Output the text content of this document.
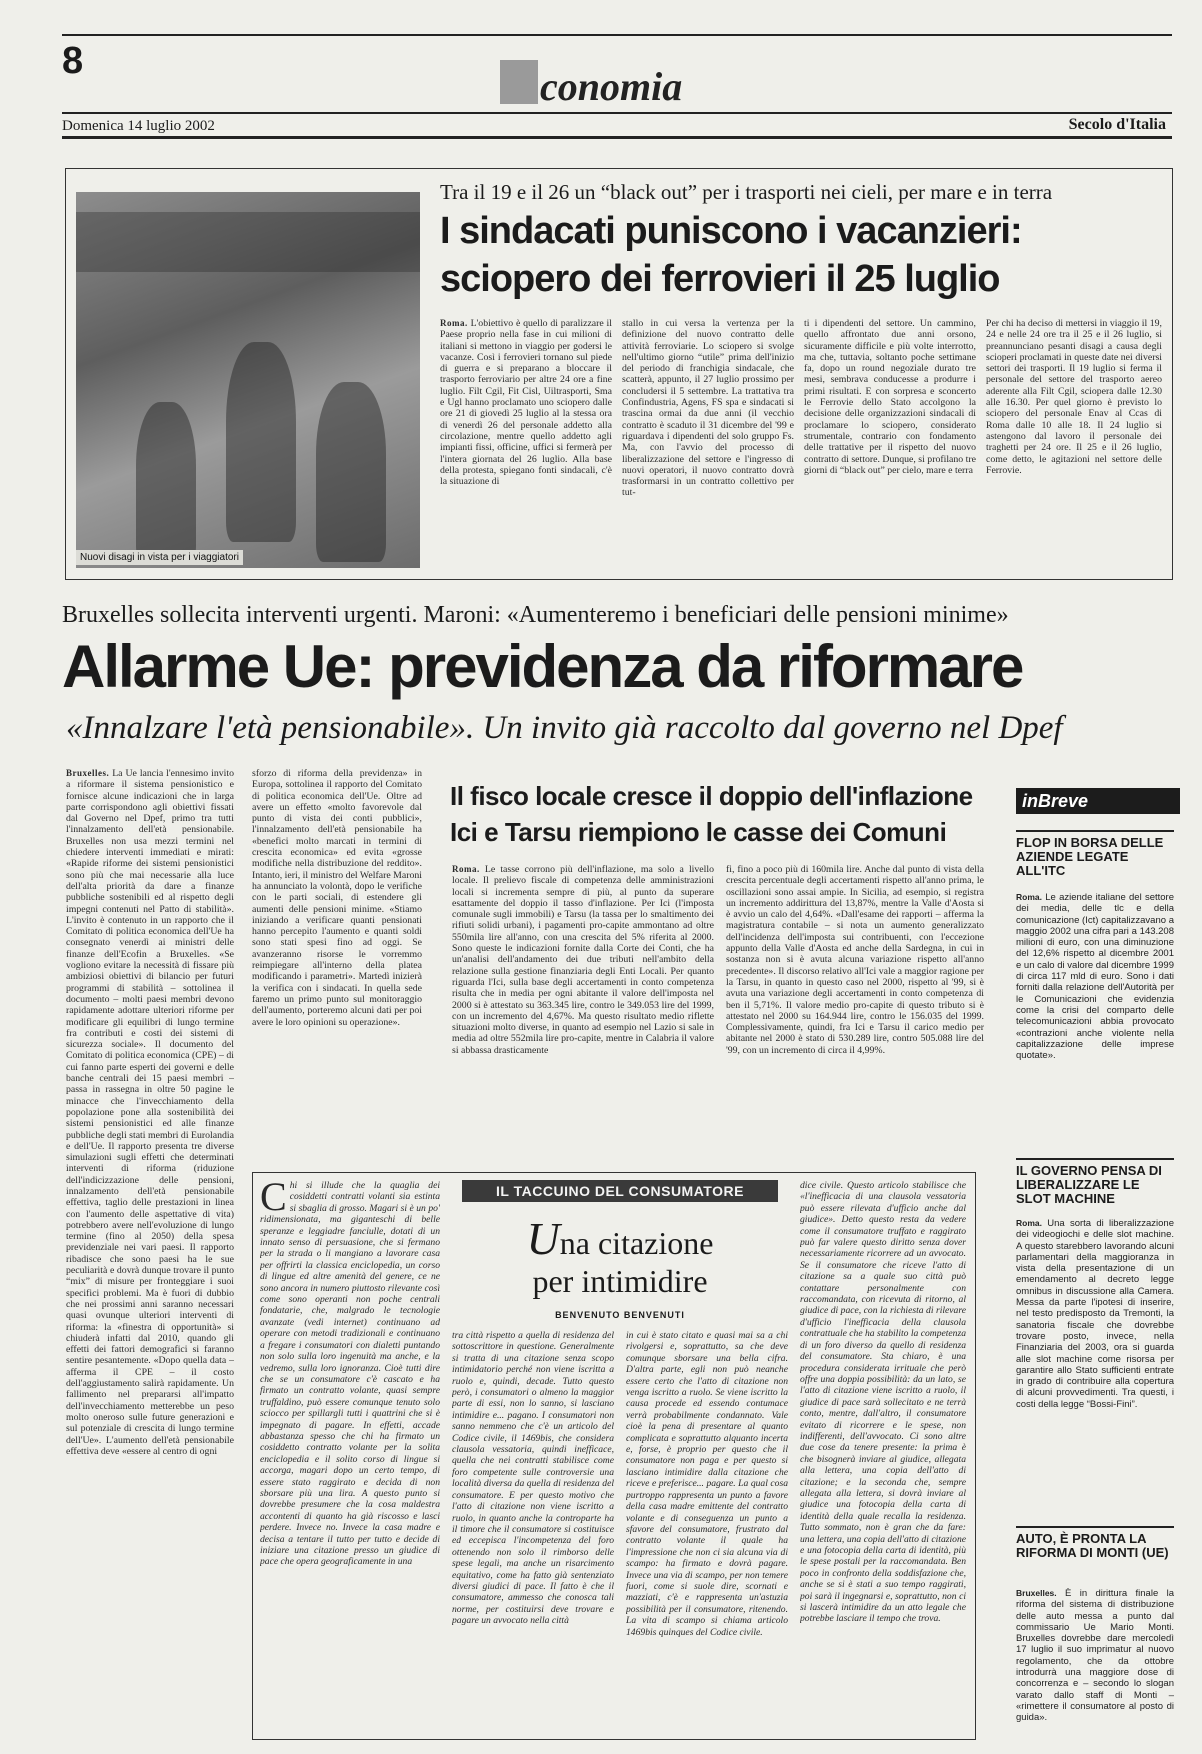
8
conomia
Domenica 14 luglio 2002	Secolo d'Italia
Nuovi disagi in vista per i viaggiatori
Tra il 19 e il 26 un “black out” per i trasporti nei cieli, per mare e in terra
I sindacati puniscono i vacanzieri:
sciopero dei ferrovieri il 25 luglio
Roma. L'obiettivo è quello di paralizzare il Paese proprio nella fase in cui milioni di italiani si mettono in viaggio per godersi le vacanze. Così i ferrovieri tornano sul piede di guerra e si preparano a bloccare il trasporto ferroviario per altre 24 ore a fine luglio. Filt Cgil, Fit Cisl, Uiltrasporti, Sma e Ugl hanno proclamato uno sciopero dalle ore 21 di giovedì 25 luglio al la stessa ora di venerdì 26 del personale addetto alla circolazione, mentre quello addetto agli impianti fissi, officine, uffici si fermerà per l'intera giornata del 26 luglio. Alla base della protesta, spiegano fonti sindacali, c'è la situazione di
stallo in cui versa la vertenza per la definizione del nuovo contratto delle attività ferroviarie. Lo sciopero si svolge nell'ultimo giorno “utile” prima dell'inizio del periodo di franchigia sindacale, che scatterà, appunto, il 27 luglio prossimo per concludersi il 5 settembre. La trattativa tra Confindustria, Agens, FS spa e sindacati si trascina ormai da due anni (il vecchio contratto è scaduto il 31 dicembre del '99 e riguardava i dipendenti del solo gruppo Fs. Ma, con l'avvio del processo di liberalizzazione del settore e l'ingresso di nuovi operatori, il nuovo contratto dovrà trasformarsi in un contratto collettivo per tut-
ti i dipendenti del settore. Un cammino, quello affrontato due anni orsono, sicuramente difficile e più volte interrotto, ma che, tuttavia, soltanto poche settimane fa, dopo un round negoziale durato tre mesi, sembrava conducesse a produrre i primi risultati. E con sorpresa e sconcerto le Ferrovie dello Stato accolgono la decisione delle organizzazioni sindacali di proclamare lo sciopero, considerato strumentale, contrario con fondamento delle trattative per il rispetto del nuovo contratto di settore. Dunque, si profilano tre giorni di “black out” per cielo, mare e terra
Per chi ha deciso di mettersi in viaggio il 19, 24 e nelle 24 ore tra il 25 e il 26 luglio, si preannunciano pesanti disagi a causa degli scioperi proclamati in queste date nei diversi settori dei trasporti. Il 19 luglio si ferma il personale del settore del trasporto aereo aderente alla Filt Cgil, sciopera dalle 12.30 alle 16.30. Per quel giorno è previsto lo sciopero del personale Enav al Ccas di Roma dalle 10 alle 18. Il 24 luglio si astengono dal lavoro il personale dei traghetti per 24 ore. Il 25 e il 26 luglio, come detto, le agitazioni nel settore delle Ferrovie.
Bruxelles sollecita interventi urgenti. Maroni: «Aumenteremo i beneficiari delle pensioni minime»
Allarme Ue: previdenza da riformare
«Innalzare l'età pensionabile». Un invito già raccolto dal governo nel Dpef
Bruxelles. La Ue lancia l'ennesimo invito a riformare il sistema pensionistico e fornisce alcune indicazioni che in larga parte corrispondono agli obiettivi fissati dal Governo nel Dpef, primo tra tutti l'innalzamento dell'età pensionabile. Bruxelles non usa mezzi termini nel chiedere interventi immediati e mirati: «Rapide riforme dei sistemi pensionistici sono più che mai necessarie alla luce dell'alta priorità da dare a finanze pubbliche sostenibili ed al rispetto degli impegni contenuti nel Patto di stabilità». L'invito è contenuto in un rapporto che il Comitato di politica economica dell'Ue ha consegnato venerdì ai ministri delle finanze dell'Ecofin a Bruxelles. «Se vogliono evitare la necessità di fissare più ambiziosi obiettivi di bilancio per futuri programmi di stabilità – sottolinea il documento – molti paesi membri devono rapidamente adottare ulteriori riforme per modificare gli equilibri di lungo termine fra contributi e costi dei sistemi di sicurezza sociale». Il documento del Comitato di politica economica (CPE) – di cui fanno parte esperti dei governi e delle banche centrali dei 15 paesi membri – passa in rassegna in oltre 50 pagine le minacce che l'invecchiamento della popolazione pone alla sostenibilità dei sistemi pensionistici ed alle finanze pubbliche degli stati membri di Eurolandia e dell'Ue. Il rapporto presenta tre diverse simulazioni sugli effetti che determinati interventi di riforma (riduzione dell'indicizzazione delle pensioni, innalzamento dell'età pensionabile effettiva, taglio delle prestazioni in linea con l'aumento delle aspettative di vita) potrebbero avere nell'evoluzione di lungo termine (fino al 2050) della spesa previdenziale nei vari paesi. Il rapporto ribadisce che sono paesi ha le sue peculiarità e dovrà dunque trovare il punto “mix” di misure per fronteggiare i suoi specifici problemi. Ma è fuori di dubbio che nei prossimi anni saranno necessari quasi ovunque ulteriori interventi di riforma: la «finestra di opportunità» si chiuderà infatti dal 2010, quando gli effetti dei fattori demografici si faranno sentire pesantemente. «Dopo quella data – afferma il CPE – il costo dell'aggiustamento salirà rapidamente. Un fallimento nel prepararsi all'impatto dell'invecchiamento metterebbe un peso molto oneroso sulle future generazioni e sul potenziale di crescita di lungo termine dell'Ue». L'aumento dell'età pensionabile effettiva deve «essere al centro di ogni
sforzo di riforma della previdenza» in Europa, sottolinea il rapporto del Comitato di politica economica dell'Ue. Oltre ad avere un effetto «molto favorevole dal punto di vista dei conti pubblici», l'innalzamento dell'età pensionabile ha «benefici molto marcati in termini di crescita economica» ed evita «grosse modifiche nella distribuzione del reddito». Intanto, ieri, il ministro del Welfare Maroni ha annunciato la volontà, dopo le verifiche con le parti sociali, di estendere gli aumenti delle pensioni minime. «Stiamo iniziando a verificare quanti pensionati hanno percepito l'aumento e quanti soldi sono stati spesi fino ad oggi. Se avanzeranno risorse le vorremmo reimpiegare all'interno della platea modificando i parametri». Martedì inizierà la verifica con i sindacati. In quella sede faremo un primo punto sul monitoraggio dell'aumento, porteremo alcuni dati per poi avere le loro opinioni su operazione».
Il fisco locale cresce il doppio dell'inflazione
Ici e Tarsu riempiono le casse dei Comuni
Roma. Le tasse corrono più dell'inflazione, ma solo a livello locale. Il prelievo fiscale di competenza delle amministrazioni locali si incrementa sempre di più, al punto da superare esattamente del doppio il tasso d'inflazione. Per Ici (l'imposta comunale sugli immobili) e Tarsu (la tassa per lo smaltimento dei rifiuti solidi urbani), i pagamenti pro-capite ammontano ad oltre 550mila lire all'anno, con una crescita del 5% riferita al 2000. Sono queste le indicazioni fornite dalla Corte dei Conti, che ha un'analisi dell'andamento dei due tributi nell'ambito della relazione sulla gestione finanziaria degli Enti Locali. Per quanto riguarda l'Ici, sulla base degli accertamenti in conto competenza risulta che in media per ogni abitante il valore dell'imposta nel 2000 si è attestato su 363.345 lire, contro le 349.053 lire del 1999, con un incremento del 4,67%. Ma questo risultato medio riflette situazioni molto diverse, in quanto ad esempio nel Lazio si sale in media ad oltre 552mila lire pro-capite, mentre in Calabria il valore si abbassa drasticamente
fi, fino a poco più di 160mila lire. Anche dal punto di vista della crescita percentuale degli accertamenti rispetto all'anno prima, le oscillazioni sono assai ampie. In Sicilia, ad esempio, si registra un incremento addirittura del 13,87%, mentre la Valle d'Aosta si è avvio un calo del 4,64%. «Dall'esame dei rapporti – afferma la magistratura contabile – si nota un aumento generalizzato dell'incidenza dell'imposta sui contribuenti, con l'eccezione appunto della Valle d'Aosta ed anche della Sardegna, in cui in sostanza non si è avuta alcuna variazione rispetto all'anno precedente». Il discorso relativo all'Ici vale a maggior ragione per la Tarsu, in quanto in questo caso nel 2000, rispetto al '99, si è avuta una variazione degli accertamenti in conto competenza di ben il 5,71%. Il valore medio pro-capite di questo tributo si è attestato nel 2000 su 164.944 lire, contro le 156.035 del 1999. Complessivamente, quindi, fra Ici e Tarsu il carico medio per abitante nel 2000 è stato di 530.289 lire, contro 505.088 lire del '99, con un incremento di circa il 4,99%.
inBreve
FLOP IN BORSA DELLE AZIENDE LEGATE ALL'ITC
Roma. Le aziende italiane del settore dei media, delle tlc e della comunicazione (Ict) capitalizzavano a maggio 2002 una cifra pari a 143.208 milioni di euro, con una diminuzione del 12,6% rispetto al dicembre 2001 e un calo di valore dal dicembre 1999 di circa 117 mld di euro. Sono i dati forniti dalla relazione dell'Autorità per le Comunicazioni che evidenzia come la crisi del comparto delle telecomunicazioni abbia provocato «contrazioni anche violente nella capitalizzazione delle imprese quotate».
IL GOVERNO PENSA DI LIBERALIZZARE LE SLOT MACHINE
Roma. Una sorta di liberalizzazione dei videogiochi e delle slot machine. A questo starebbero lavorando alcuni parlamentari della maggioranza in vista della presentazione di un emendamento al decreto legge omnibus in discussione alla Camera. Messa da parte l'ipotesi di inserire, nel testo predisposto da Tremonti, la sanatoria fiscale che dovrebbe trovare posto, invece, nella Finanziaria del 2003, ora si guarda alle slot machine come risorsa per garantire allo Stato sufficienti entrate in grado di contribuire alla copertura di alcuni provvedimenti. Tra questi, i costi della legge “Bossi-Fini”.
AUTO, È PRONTA LA RIFORMA DI MONTI (UE)
Bruxelles. È in dirittura finale la riforma del sistema di distribuzione delle auto messa a punto dal commissario Ue Mario Monti. Bruxelles dovrebbe dare mercoledì 17 luglio il suo imprimatur al nuovo regolamento, che da ottobre introdurrà una maggiore dose di concorrenza e – secondo lo slogan varato dallo staff di Monti – «rimettere il consumatore al posto di guida».
IL TACCUINO DEL CONSUMATORE
Una citazione
per intimidire
BENVENUTO BENVENUTI
Chi si illude che la quaglia dei cosiddetti contratti volanti sia estinta si sbaglia di grosso. Magari si è un po' ridimensionata, ma giganteschi di belle speranze e leggiadre fanciulle, dotati di un innato senso di persuasione, che si fermano per la strada o li mangiano a lavorare casa per offrirti la classica enciclopedia, un corso di lingue ed altre amenità del genere, ce ne sono ancora in numero piuttosto rilevante così come sono operanti non poche centrali fondatarie, che, malgrado le tecnologie avanzate (vedi internet) continuano ad operare con metodi tradizionali e continuano a fregare i consumatori con dialetti puntando non solo sulla loro ingenuità ma anche, e la vedremo, sulla loro ignoranza. Cioè tutti dire che se un consumatore c'è cascato e ha firmato un contratto volante, quasi sempre truffaldino, può essere comunque tenuto solo sciocco per spillargli tutti i quattrini che si è impegnato di pagare. In effetti, accade abbastanza spesso che chi ha firmato un cosiddetto contratto volante per la solita enciclopedia e il solito corso di lingue si accorga, magari dopo un certo tempo, di essere stato raggirato e decida di non sborsare più una lira. A questo punto si dovrebbe presumere che la cosa maldestra accontenti di quanto ha già riscosso e lasci perdere. Invece no. Invece la casa madre e decisa a tentare il tutto per tutto e decide di iniziare una citazione presso un giudice di pace che opera geograficamente in una
tra città rispetto a quella di residenza del sottoscrittore in questione. Generalmente si tratta di una citazione senza scopo intimidatorio perché non viene iscritta a ruolo e, quindi, decade. Tutto questo però, i consumatori o almeno la maggior parte di essi, non lo sanno, si lasciano intimidire e... pagano. I consumatori non sanno nemmeno che c'è un articolo del Codice civile, il 1469bis, che considera clausola vessatoria, quindi inefficace, quella che nei contratti stabilisce come foro competente sulle controversie una località diversa da quella di residenza del consumatore. E per questo motivo che l'atto di citazione non viene iscritto a ruolo, in quanto anche la controparte ha il timore che il consumatore si costituisce ed eccepisca l'incompetenza del foro ottenendo non solo il rimborso delle spese legali, ma anche un risarcimento equitativo, come ha fatto già sentenziato diversi giudici di pace. Il fatto è che il consumatore, ammesso che conosca tali norme, per costituirsi deve trovare e pagare un avvocato nella città
in cui è stato citato e quasi mai sa a chi rivolgersi e, soprattutto, sa che deve comunque sborsare una bella cifra. D'altra parte, egli non può neanche essere certo che l'atto di citazione non venga iscritto a ruolo. Se viene iscritto la causa procede ed essendo contumace verrà probabilmente condannato. Vale cioè la pena di presentare al quanto complicata e soprattutto alquanto incerta e, forse, è proprio per questo che il consumatore non paga e per questo si lasciano intimidire dalla citazione che riceve e preferisce... pagare. La qual cosa purtroppo rappresenta un punto a favore della casa madre emittente del contratto volante e di conseguenza un punto a sfavore del consumatore, frustrato dal contratto volante il quale ha l'impressione che non ci sia alcuna via di scampo: ha firmato e dovrà pagare. Invece una via di scampo, per non temere fuori, come si suole dire, scornati e mazziati, c'è e rappresenta un'astuzia possibilità per il consumatore, ritenendo. La vita di scampo si chiama articolo 1469bis quinques del Codice civile.
dice civile. Questo articolo stabilisce che «l'inefficacia di una clausola vessatoria può essere rilevata d'ufficio anche dal giudice». Detto questo resta da vedere come il consumatore truffato e raggirato può far valere questo diritto senza dover necessariamente ricorrere ad un avvocato. Se il consumatore che riceve l'atto di citazione sa a quale suo città può contattare personalmente con raccomandata, con ricevuta di ritorno, al giudice di pace, con la richiesta di rilevare d'ufficio l'inefficacia della clausola contrattuale che ha stabilito la competenza di un foro diverso da quello di residenza del consumatore. Sta chiaro, è una procedura considerata irrituale che però offre una doppia possibilità: da un lato, se l'atto di citazione viene iscritto a ruolo, il giudice di pace sarà sollecitato e ne terrà conto, mentre, dall'altro, il consumatore evitato di ricorrere e le spese, non indifferenti, dell'avvocato. Ci sono altre due cose da tenere presente: la prima è che bisognerà inviare al giudice, allegata alla lettera, una copia dell'atto di citazione; e la seconda che, sempre allegata alla lettera, si dovrà inviare al giudice una fotocopia della carta di identità della quale recalla la residenza. Tutto sommato, non è gran che da fare: una lettera, una copia dell'atto di citazione e una fotocopia della carta di identità, più le spese postali per la raccomandata. Ben poco in confronto della soddisfazione che, anche se si è stati a suo tempo raggirati, poi sarà il ingegnarsi e, soprattutto, non ci si lascerà intimidire da un atto legale che potrebbe lasciare il tempo che trova.
